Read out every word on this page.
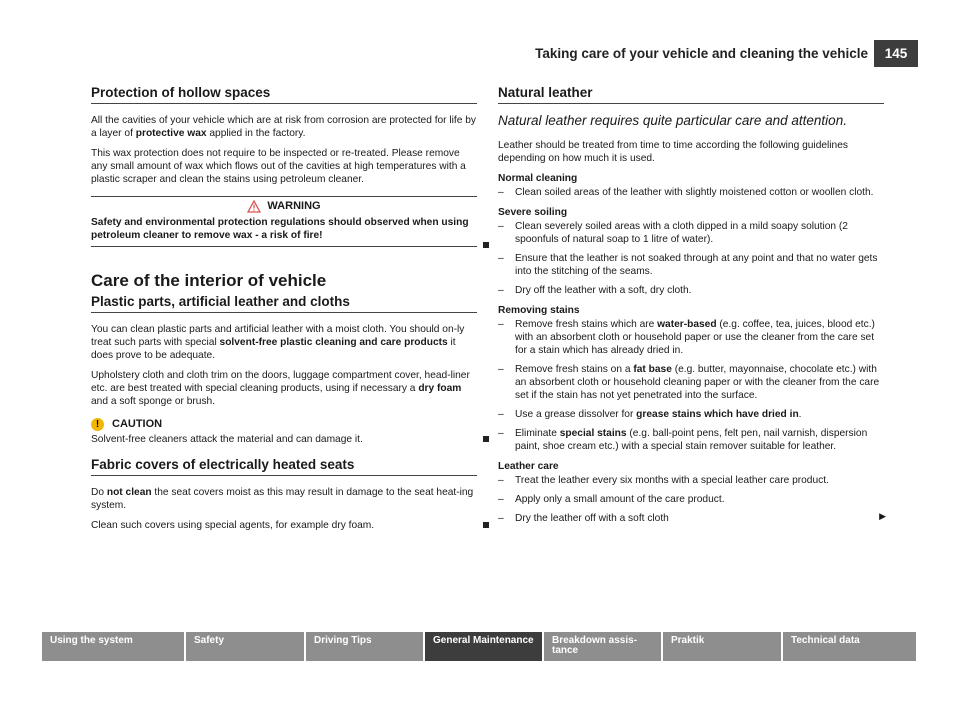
Taking care of your vehicle and cleaning the vehicle	145
Protection of hollow spaces

All the cavities of your vehicle which are at risk from corrosion are protected for life by a layer of protective wax applied in the factory.

This wax protection does not require to be inspected or re-treated. Please remove any small amount of wax which flows out of the cavities at high temperatures with a plastic scraper and clean the stains using petroleum cleaner.

WARNING
Safety and environmental protection regulations should observed when using petroleum cleaner to remove wax - a risk of fire!
Care of the interior of vehicle
Plastic parts, artificial leather and cloths

You can clean plastic parts and artificial leather with a moist cloth. You should on-ly treat such parts with special solvent-free plastic cleaning and care products it does prove to be adequate.

Upholstery cloth and cloth trim on the doors, luggage compartment cover, head-liner etc. are best treated with special cleaning products, using if necessary a dry foam and a soft sponge or brush.

!	CAUTION
Solvent-free cleaners attack the material and can damage it.
Fabric covers of electrically heated seats

Do not clean the seat covers moist as this may result in damage to the seat heat-ing system.

Clean such covers using special agents, for example dry foam.

Natural leather
Natural leather requires quite particular care and attention.

Leather should be treated from time to time according the following guidelines depending on how much it is used.

Normal cleaning
– Clean soiled areas of the leather with slightly moistened cotton or woollen cloth.
Severe soiling
– Clean severely soiled areas with a cloth dipped in a mild soapy solution (2 spoonfuls of natural soap to 1 litre of water).
– Ensure that the leather is not soaked through at any point and that no water gets into the stitching of the seams.
– Dry off the leather with a soft, dry cloth.
Removing stains
– Remove fresh stains which are water-based (e.g. coffee, tea, juices, blood etc.) with an absorbent cloth or household paper or use the cleaner from the care set for a stain which has already dried in.
– Remove fresh stains on a fat base (e.g. butter, mayonnaise, chocolate etc.) with an absorbent cloth or household cleaning paper or with the cleaner from the care set if the stain has not yet penetrated into the surface.
– Use a grease dissolver for grease stains which have dried in.
– Eliminate special stains (e.g. ball-point pens, felt pen, nail varnish, dispersion paint, shoe cream etc.) with a special stain remover suitable for leather.
Leather care
– Treat the leather every six months with a special leather care product.
– Apply only a small amount of the care product.
– Dry the leather off with a soft cloth	▶
Using the system	Safety	Driving Tips	General Maintenance	Breakdown assis-tance
Praktik	Technical data
